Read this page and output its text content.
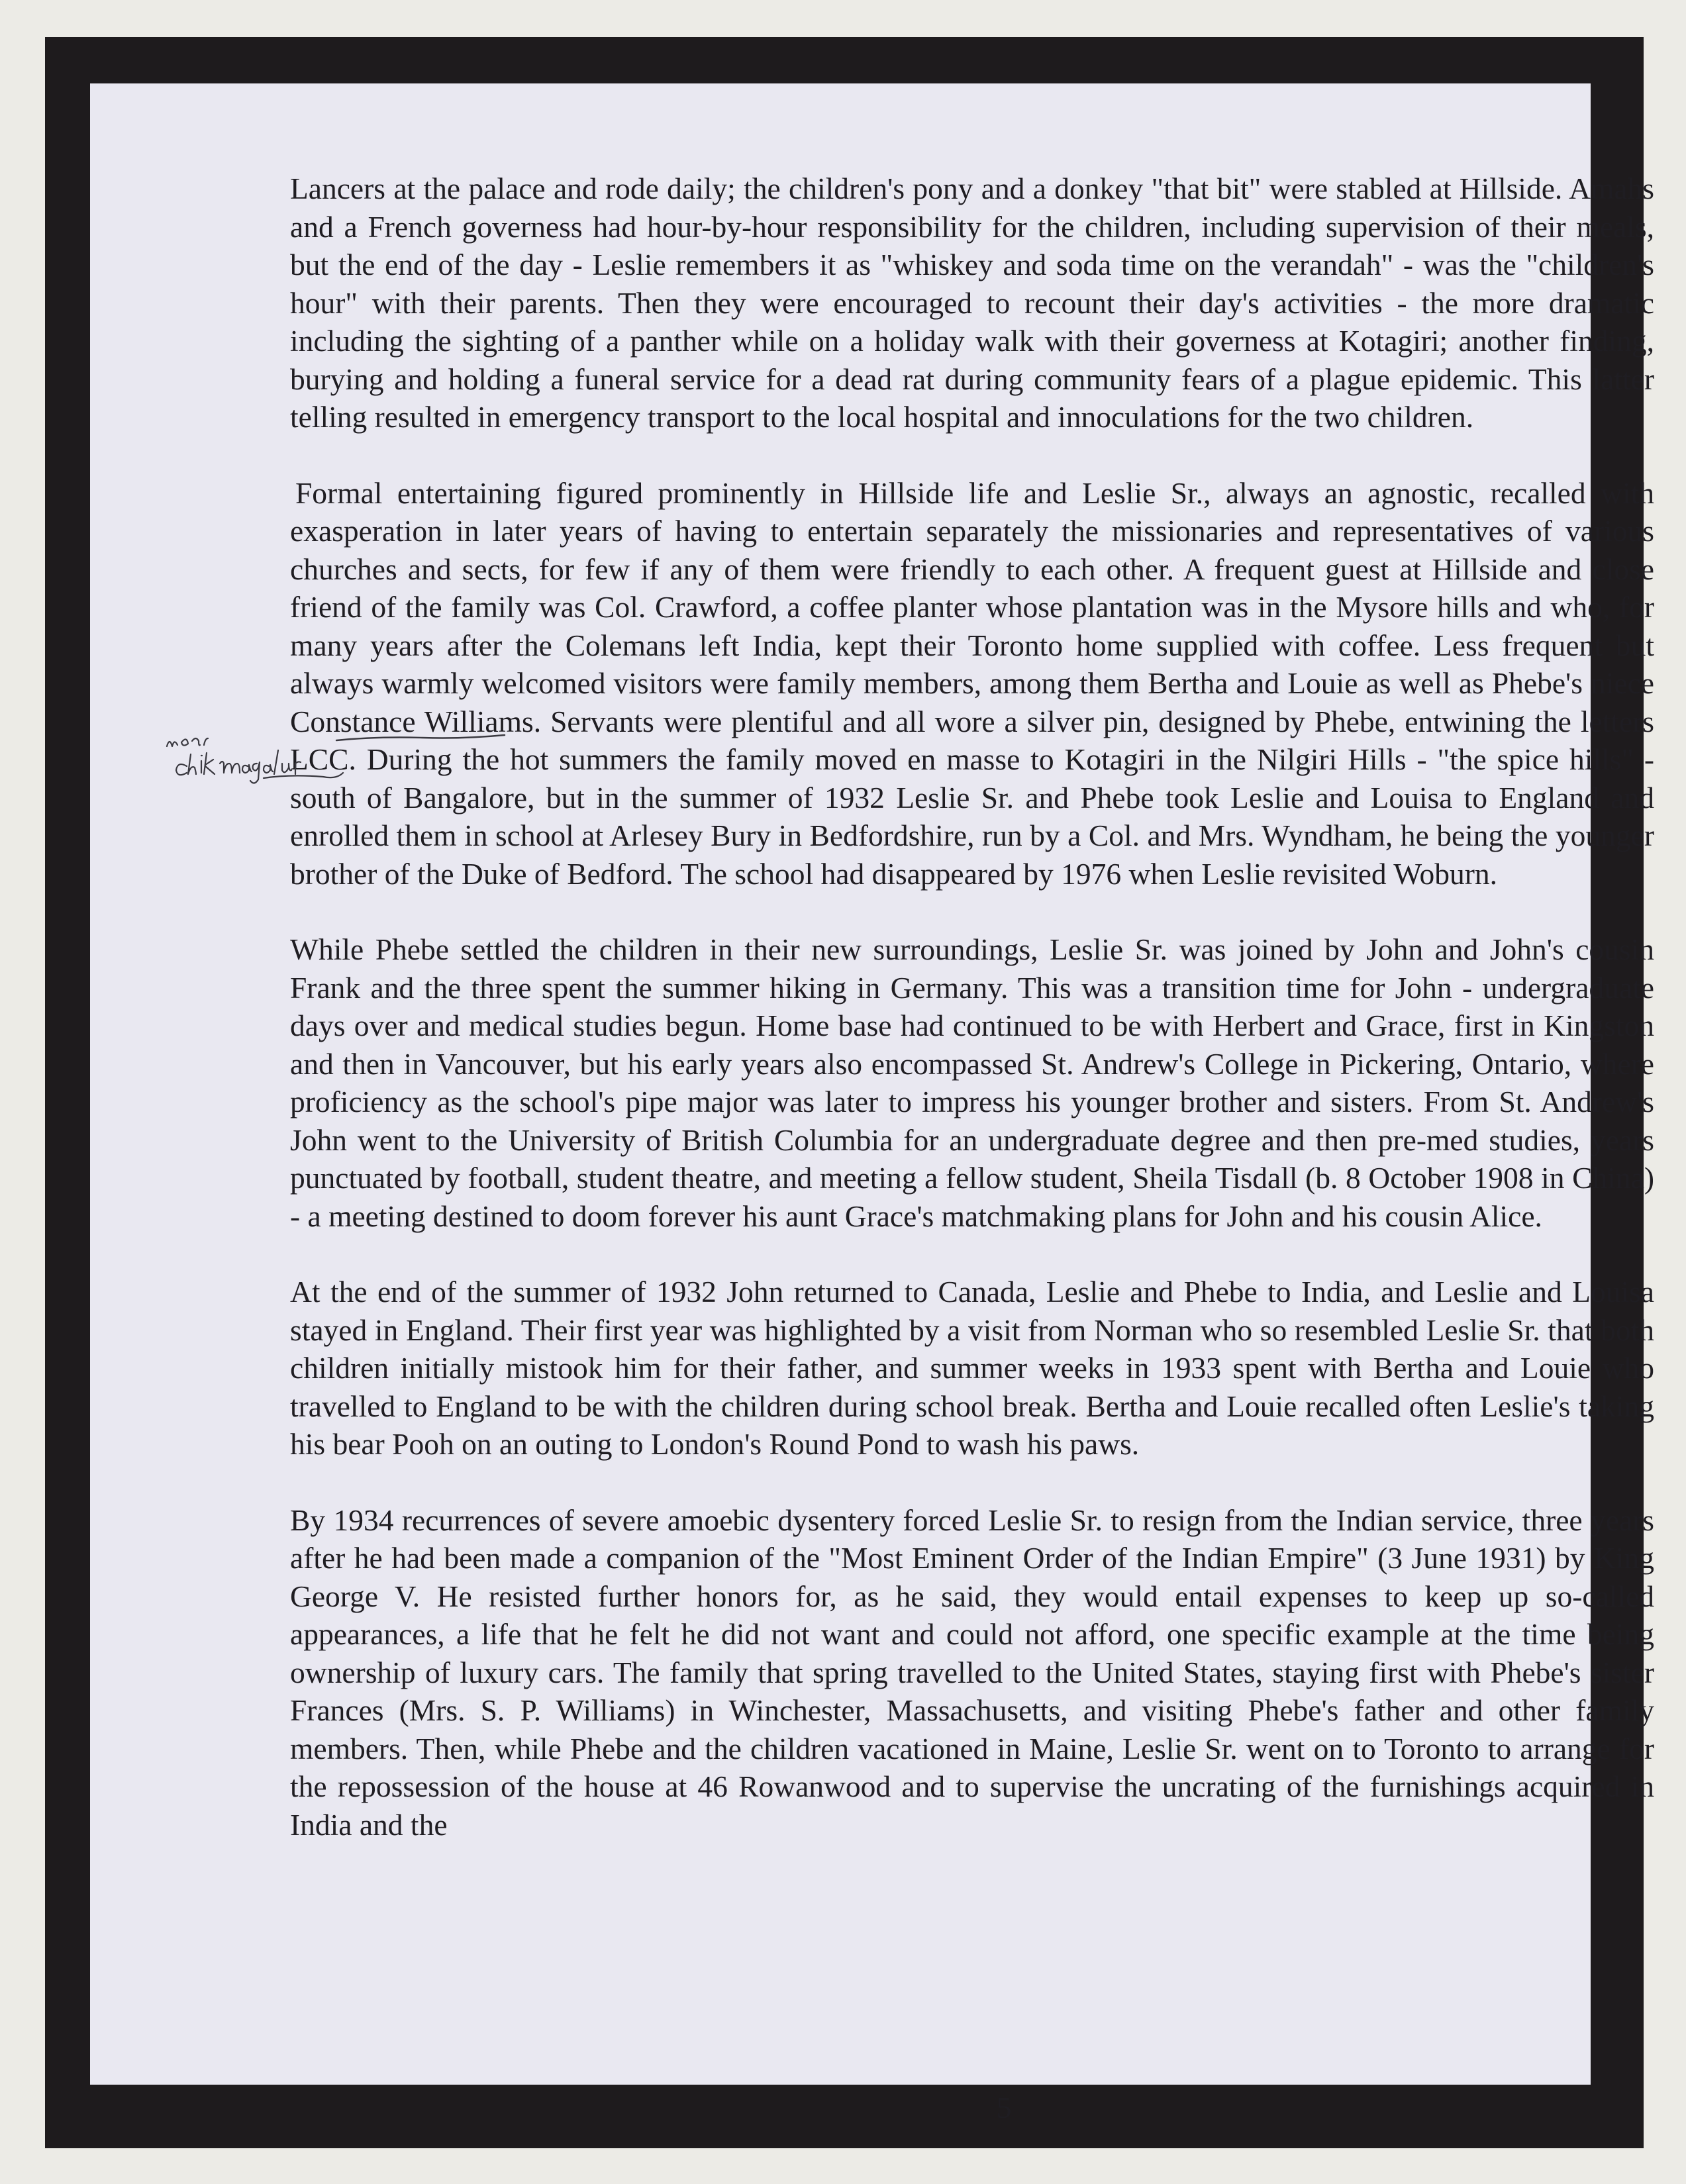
Lancers at the palace and rode daily; the children's pony and a donkey "that bit" were stabled at Hillside. Amahs and a French governess had hour-by-hour responsibility for the children, including supervision of their meals, but the end of the day - Leslie remembers it as "whiskey and soda time on the verandah" - was the "children's hour" with their parents. Then they were encouraged to recount their day's activities - the more dramatic including the sighting of a panther while on a holiday walk with their governess at Kotagiri; another finding, burying and holding a funeral service for a dead rat during community fears of a plague epidemic. This latter telling resulted in emergency transport to the local hospital and innoculations for the two children.

Formal entertaining figured prominently in Hillside life and Leslie Sr., always an agnostic, recalled with exasperation in later years of having to entertain separately the missionaries and representatives of various churches and sects, for few if any of them were friendly to each other. A frequent guest at Hillside and close friend of the family was Col. Crawford, a coffee planter whose plantation was in the Mysore hills and who, for many years after the Colemans left India, kept their Toronto home supplied with coffee. Less frequent but always warmly welcomed visitors were family members, among them Bertha and Louie as well as Phebe's niece Constance Williams. Servants were plentiful and all wore a silver pin, designed by Phebe, entwining the letters LCC. During the hot summers the family moved en masse to Kotagiri in the Nilgiri Hills - "the spice hills" - south of Bangalore, but in the summer of 1932 Leslie Sr. and Phebe took Leslie and Louisa to England and enrolled them in school at Arlesey Bury in Bedfordshire, run by a Col. and Mrs. Wyndham, he being the younger brother of the Duke of Bedford. The school had disappeared by 1976 when Leslie revisited Woburn.

While Phebe settled the children in their new surroundings, Leslie Sr. was joined by John and John's cousin Frank and the three spent the summer hiking in Germany. This was a transition time for John - undergraduate days over and medical studies begun. Home base had continued to be with Herbert and Grace, first in Kingston and then in Vancouver, but his early years also encompassed St. Andrew's College in Pickering, Ontario, where proficiency as the school's pipe major was later to impress his younger brother and sisters. From St. Andrew's John went to the University of British Columbia for an undergraduate degree and then pre-med studies, years punctuated by football, student theatre, and meeting a fellow student, Sheila Tisdall (b. 8 October 1908 in China) - a meeting destined to doom forever his aunt Grace's matchmaking plans for John and his cousin Alice.

At the end of the summer of 1932 John returned to Canada, Leslie and Phebe to India, and Leslie and Louisa stayed in England. Their first year was highlighted by a visit from Norman who so resembled Leslie Sr. that both children initially mistook him for their father, and summer weeks in 1933 spent with Bertha and Louie who travelled to England to be with the children during school break. Bertha and Louie recalled often Leslie's taking his bear Pooh on an outing to London's Round Pond to wash his paws.

By 1934 recurrences of severe amoebic dysentery forced Leslie Sr. to resign from the Indian service, three years after he had been made a companion of the "Most Eminent Order of the Indian Empire" (3 June 1931) by King George V. He resisted further honors for, as he said, they would entail expenses to keep up so-called appearances, a life that he felt he did not want and could not afford, one specific example at the time being ownership of luxury cars. The family that spring travelled to the United States, staying first with Phebe's sister Frances (Mrs. S. P. Williams) in Winchester, Massachusetts, and visiting Phebe's father and other family members. Then, while Phebe and the children vacationed in Maine, Leslie Sr. went on to Toronto to arrange for the repossession of the house at 46 Rowanwood and to supervise the uncrating of the furnishings acquired in India and the

5
